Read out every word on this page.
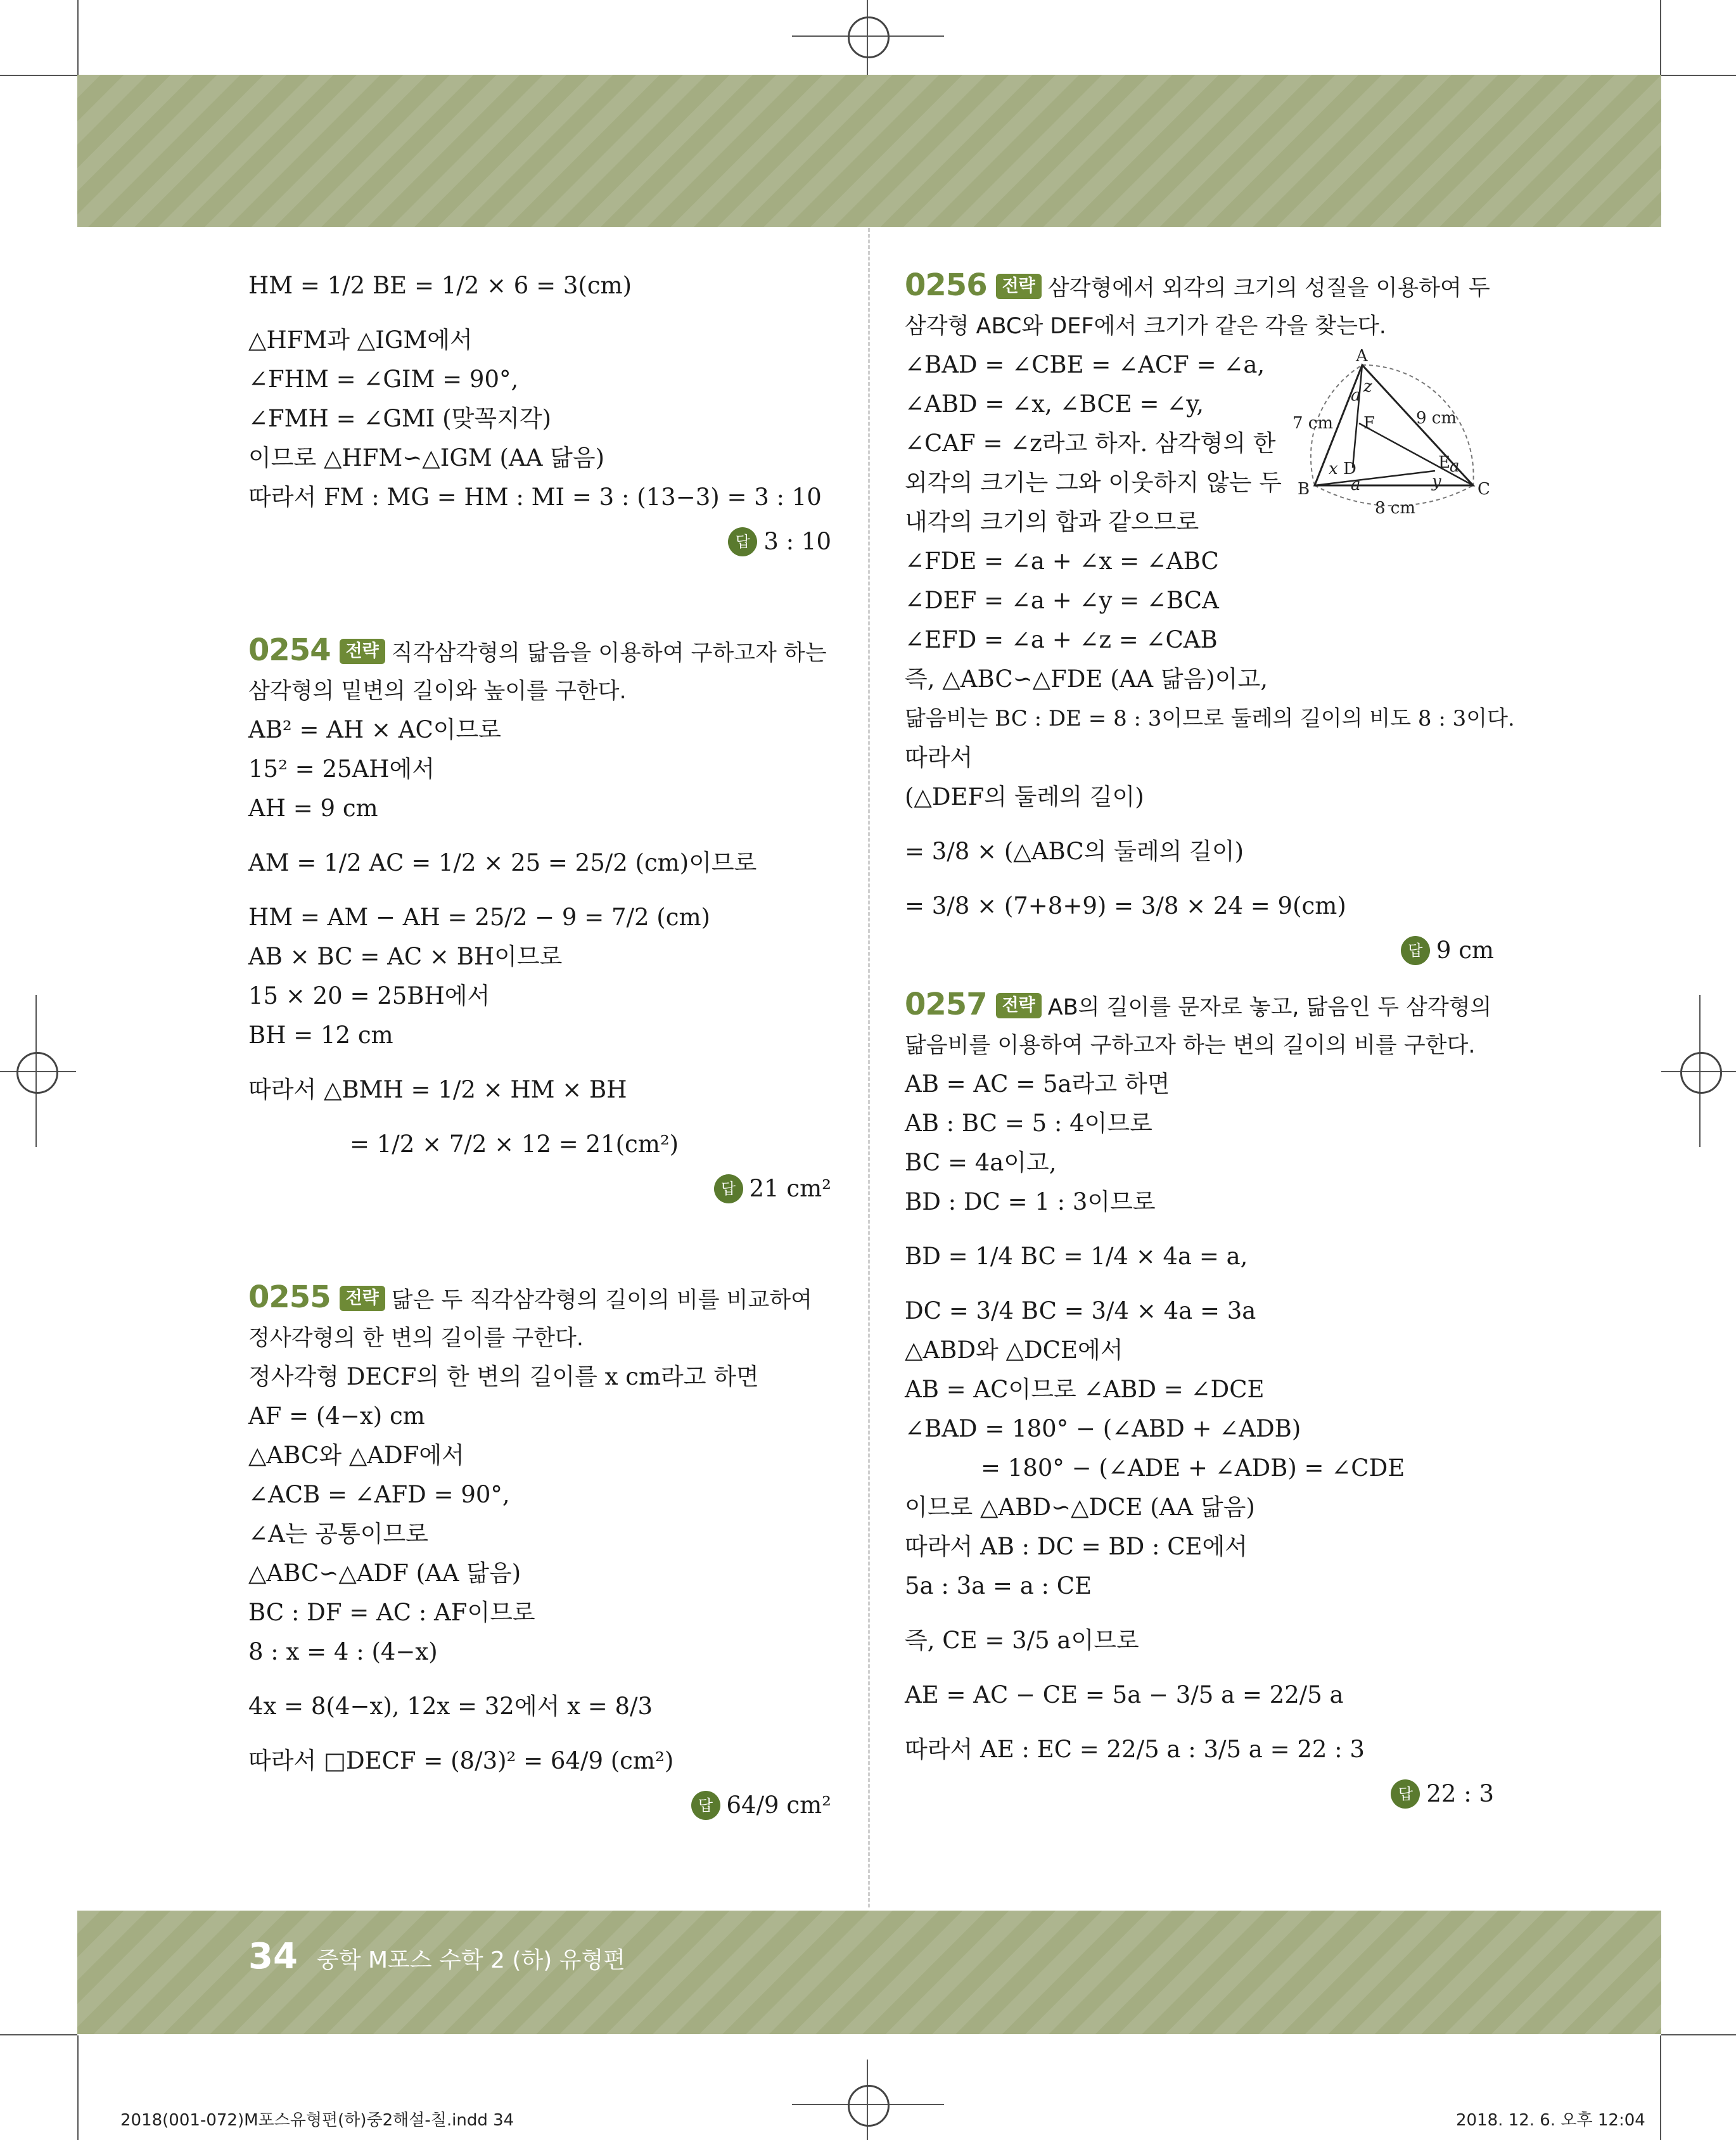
HM = 1/2 BE = 1/2 × 6 = 3(cm)
△HFM과 △IGM에서
∠FHM = ∠GIM = 90°,
∠FMH = ∠GMI (맞꼭지각)
이므로 △HFM∽△IGM (AA 닮음)
따라서 FM : MG = HM : MI = 3 : (13−3) = 3 : 10
답 3 : 10
0254 전략 직각삼각형의 닮음을 이용하여 구하고자 하는 삼각형의 밑변의 길이와 높이를 구한다.
AB² = AH × AC이므로
15² = 25AH에서
AH = 9 cm
AM = 1/2 AC = 1/2 × 25 = 25/2 (cm)이므로
HM = AM − AH = 25/2 − 9 = 7/2 (cm)
AB × BC = AC × BH이므로
15 × 20 = 25BH에서
BH = 12 cm
따라서 △BMH = 1/2 × HM × BH
= 1/2 × 7/2 × 12 = 21(cm²)
답 21 cm²
0255 전략 닮은 두 직각삼각형의 길이의 비를 비교하여 정사각형의 한 변의 길이를 구한다.
정사각형 DECF의 한 변의 길이를 x cm라고 하면
AF = (4−x) cm
△ABC와 △ADF에서
∠ACB = ∠AFD = 90°,
∠A는 공통이므로
△ABC∽△ADF (AA 닮음)
BC : DF = AC : AF이므로
8 : x = 4 : (4−x)
4x = 8(4−x), 12x = 32에서 x = 8/3
따라서 □DECF = (8/3)² = 64/9 (cm²)
답 64/9 cm²
0256 전략 삼각형에서 외각의 크기의 성질을 이용하여 두 삼각형 ABC와 DEF에서 크기가 같은 각을 찾는다.
∠BAD = ∠CBE = ∠ACF = ∠a,
∠ABD = ∠x, ∠BCE = ∠y,
∠CAF = ∠z라고 하자. 삼각형의 한
외각의 크기는 그와 이웃하지 않는 두
내각의 크기의 합과 같으므로
∠FDE = ∠a + ∠x = ∠ABC
∠DEF = ∠a + ∠y = ∠BCA
∠EFD = ∠a + ∠z = ∠CAB
즉, △ABC∽△FDE (AA 닮음)이고,
닮음비는 BC : DE = 8 : 3이므로 둘레의 길이의 비도 8 : 3이다.
따라서
(△DEF의 둘레의 길이)
= 3/8 × (△ABC의 둘레의 길이)
= 3/8 × (7+8+9) = 3/8 × 24 = 9(cm)
답 9 cm
0257 전략 AB의 길이를 문자로 놓고, 닮음인 두 삼각형의 닮음비를 이용하여 구하고자 하는 변의 길이의 비를 구한다.
AB = AC = 5a라고 하면
AB : BC = 5 : 4이므로
BC = 4a이고,
BD : DC = 1 : 3이므로
BD = 1/4 BC = 1/4 × 4a = a,
DC = 3/4 BC = 3/4 × 4a = 3a
△ABD와 △DCE에서
AB = AC이므로 ∠ABD = ∠DCE
∠BAD = 180° − (∠ABD + ∠ADB)
= 180° − (∠ADE + ∠ADB) = ∠CDE
이므로 △ABD∽△DCE (AA 닮음)
따라서 AB : DC = BD : CE에서
5a : 3a = a : CE
즉, CE = 3/5 a이므로
AE = AC − CE = 5a − 3/5 a = 22/5 a
따라서 AE : EC = 22/5 a : 3/5 a = 22 : 3
답 22 : 3
A
B	C
D	E
F
7 cm	9 cm
8 cm
a z
x
a
a
y
34 중학 M포스 수학 2 (하) 유형편
2018(001-072)M포스유형편(하)중2해설-칠.indd 34	2018. 12. 6. 오후 12:04
